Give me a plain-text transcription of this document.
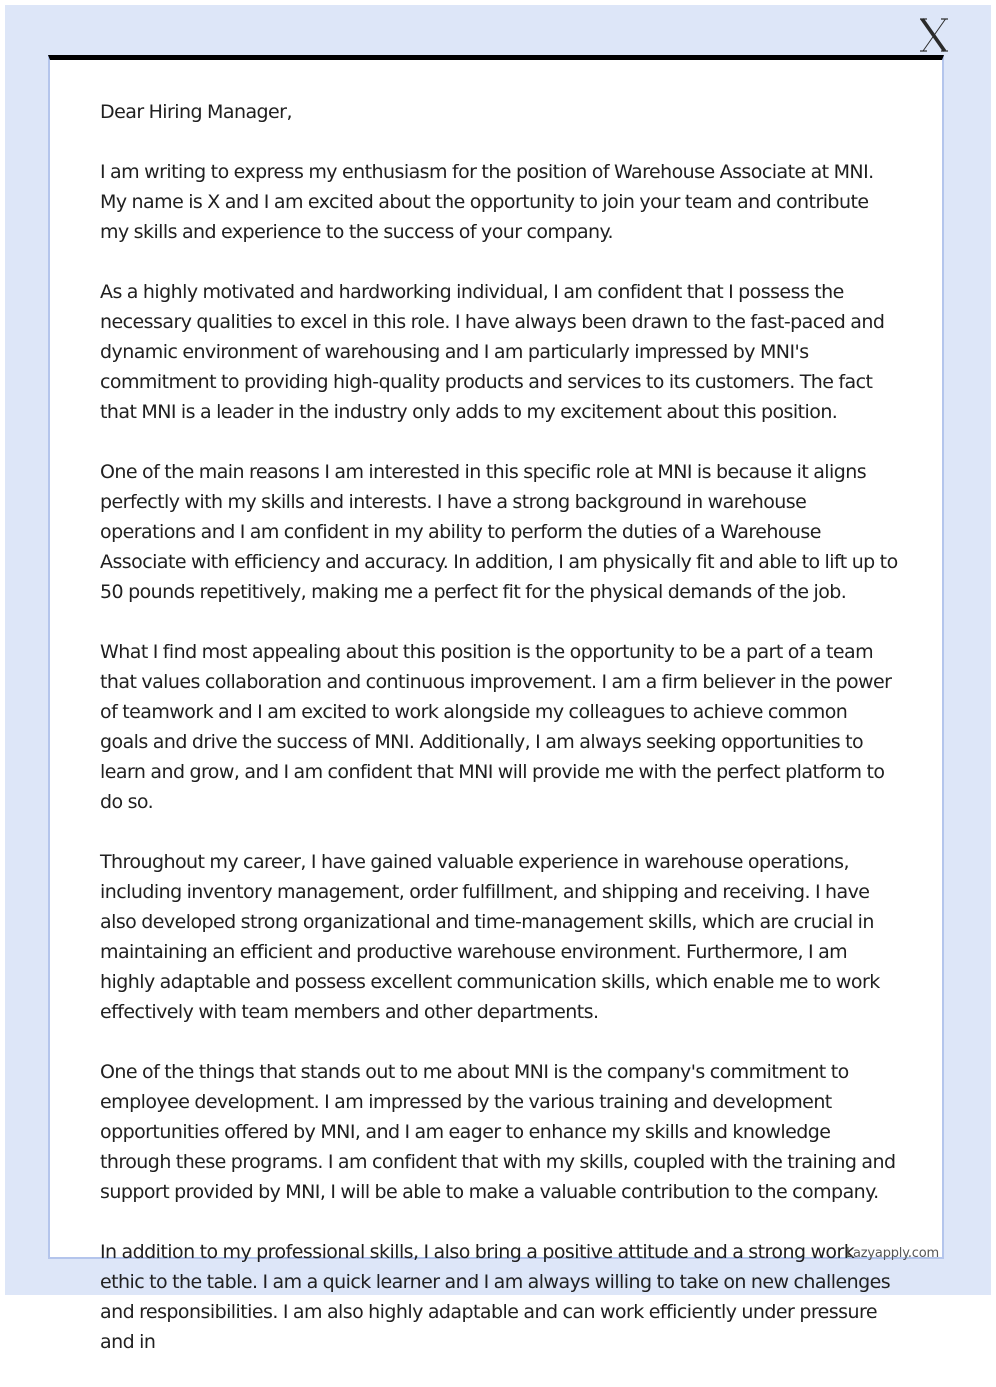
Dear Hiring Manager,

I am writing to express my enthusiasm for the position of Warehouse Associate at MNI. My name is X and I am excited about the opportunity to join your team and contribute my skills and experience to the success of your company.

As a highly motivated and hardworking individual, I am confident that I possess the necessary qualities to excel in this role. I have always been drawn to the fast-paced and dynamic environment of warehousing and I am particularly impressed by MNI's commitment to providing high-quality products and services to its customers. The fact that MNI is a leader in the industry only adds to my excitement about this position.

One of the main reasons I am interested in this specific role at MNI is because it aligns perfectly with my skills and interests. I have a strong background in warehouse operations and I am confident in my ability to perform the duties of a Warehouse Associate with efficiency and accuracy. In addition, I am physically fit and able to lift up to 50 pounds repetitively, making me a perfect fit for the physical demands of the job.

What I find most appealing about this position is the opportunity to be a part of a team that values collaboration and continuous improvement. I am a firm believer in the power of teamwork and I am excited to work alongside my colleagues to achieve common goals and drive the success of MNI. Additionally, I am always seeking opportunities to learn and grow, and I am confident that MNI will provide me with the perfect platform to do so.

Throughout my career, I have gained valuable experience in warehouse operations, including inventory management, order fulfillment, and shipping and receiving. I have also developed strong organizational and time-management skills, which are crucial in maintaining an efficient and productive warehouse environment. Furthermore, I am highly adaptable and possess excellent communication skills, which enable me to work effectively with team members and other departments.

One of the things that stands out to me about MNI is the company's commitment to employee development. I am impressed by the various training and development opportunities offered by MNI, and I am eager to enhance my skills and knowledge through these programs. I am confident that with my skills, coupled with the training and support provided by MNI, I will be able to make a valuable contribution to the company.

In addition to my professional skills, I also bring a positive attitude and a strong work ethic to the table. I am a quick learner and I am always willing to take on new challenges and responsibilities. I am also highly adaptable and can work efficiently under pressure and in

Lazyapply.com
